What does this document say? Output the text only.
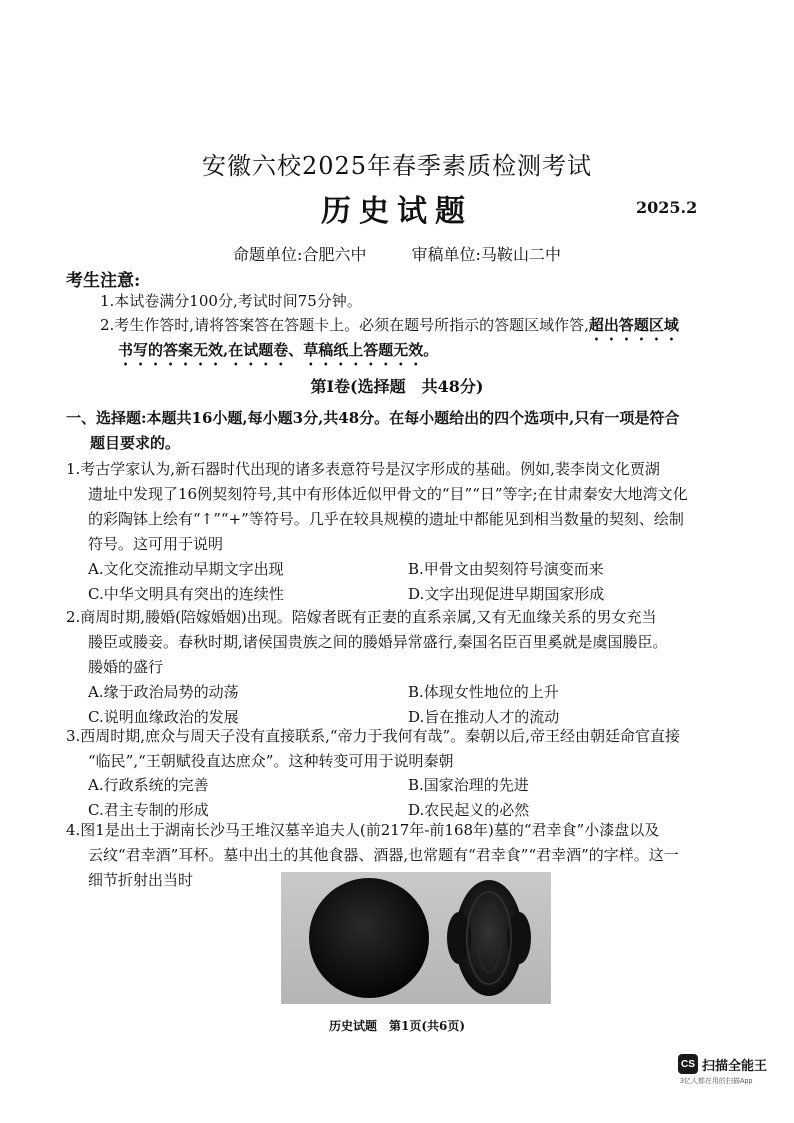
安徽六校2025年春季素质检测考试
历史试题	2025.2
命题单位:合肥六中	审稿单位:马鞍山二中
考生注意:
1.本试卷满分100分,考试时间75分钟。
2.考生作答时,请将答案答在答题卡上。必须在题号所指示的答题区域作答,超出答题区域
书写的答案无效,在试题卷、草稿纸上答题无效。
第Ⅰ卷(选择题　共48分)
一、选择题:本题共16小题,每小题3分,共48分。在每小题给出的四个选项中,只有一项是符合
题目要求的。
1.考古学家认为,新石器时代出现的诸多表意符号是汉字形成的基础。例如,裴李岗文化贾湖
遗址中发现了16例契刻符号,其中有形体近似甲骨文的“目”“日”等字;在甘肃秦安大地湾文化
的彩陶钵上绘有“↑”“+”等符号。几乎在较具规模的遗址中都能见到相当数量的契刻、绘制
符号。这可用于说明
A.文化交流推动早期文字出现	B.甲骨文由契刻符号演变而来
C.中华文明具有突出的连续性	D.文字出现促进早期国家形成
2.商周时期,媵婚(陪嫁婚姻)出现。陪嫁者既有正妻的直系亲属,又有无血缘关系的男女充当
媵臣或媵妾。春秋时期,诸侯国贵族之间的媵婚异常盛行,秦国名臣百里奚就是虞国媵臣。
媵婚的盛行
A.缘于政治局势的动荡	B.体现女性地位的上升
C.说明血缘政治的发展	D.旨在推动人才的流动
3.西周时期,庶众与周天子没有直接联系,“帝力于我何有哉”。秦朝以后,帝王经由朝廷命官直接
“临民”,“王朝赋役直达庶众”。这种转变可用于说明秦朝
A.行政系统的完善	B.国家治理的先进
C.君主专制的形成	D.农民起义的必然
4.图1是出土于湖南长沙马王堆汉墓辛追夫人(前217年-前168年)墓的“君幸食”小漆盘以及
云纹“君幸酒”耳杯。墓中出土的其他食器、酒器,也常题有“君幸食”“君幸酒”的字样。这一
细节折射出当时
历史试题　第1页(共6页)
CS 扫描全能王
3亿人都在用的扫描App
